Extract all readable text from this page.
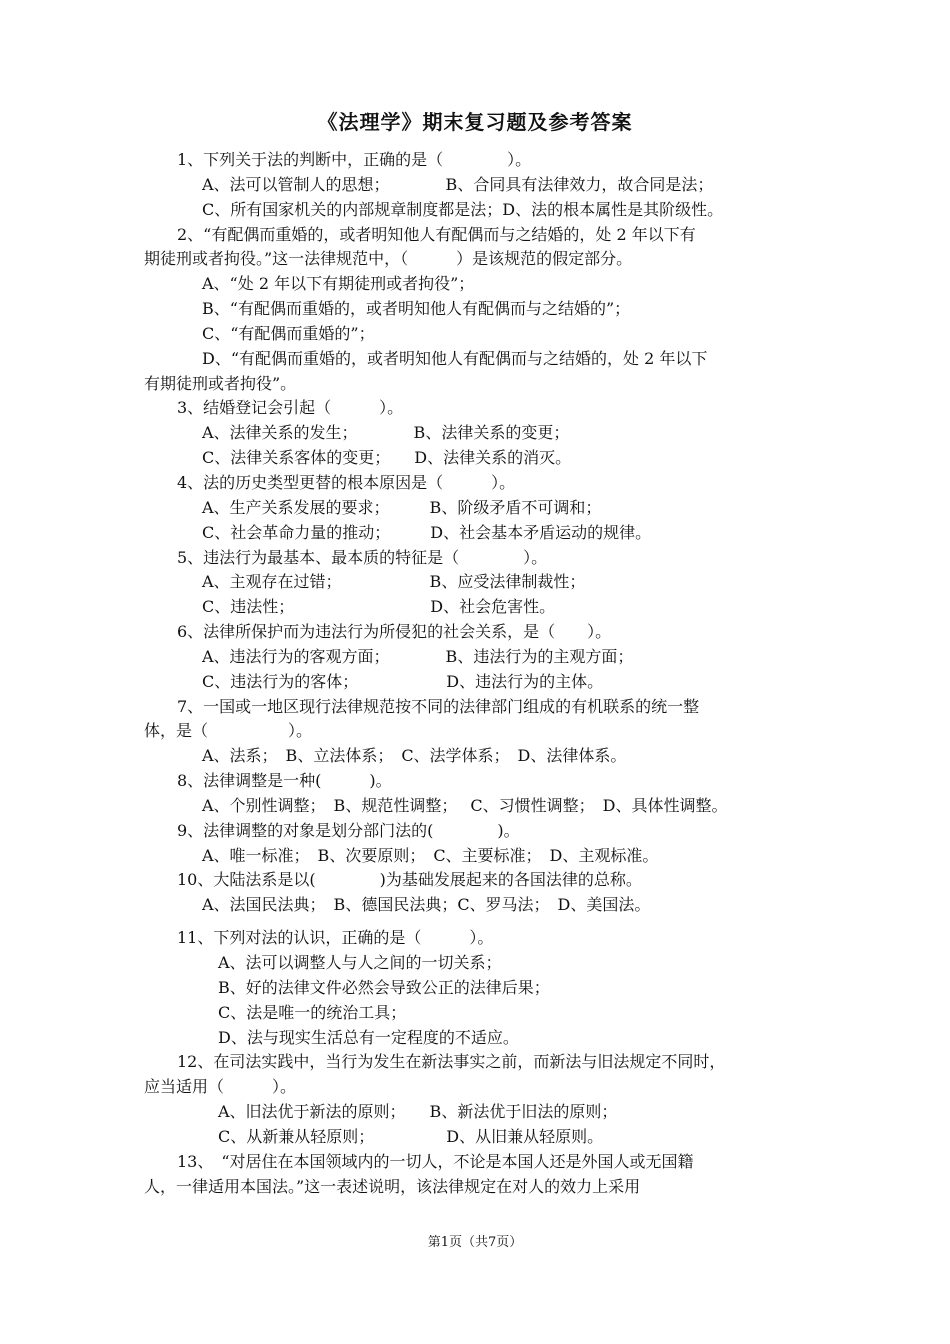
《法理学》期末复习题及参考答案
1、下列关于法的判断中，正确的是（　　　　）。
A、法可以管制人的思想；　　　　B、合同具有法律效力，故合同是法；
C、所有国家机关的内部规章制度都是法；D、法的根本属性是其阶级性。
2、“有配偶而重婚的，或者明知他人有配偶而与之结婚的，处 2 年以下有
期徒刑或者拘役。”这一法律规范中，（　　　）是该规范的假定部分。
A、“处 2 年以下有期徒刑或者拘役”；
B、“有配偶而重婚的，或者明知他人有配偶而与之结婚的”；
C、“有配偶而重婚的”；
D、“有配偶而重婚的，或者明知他人有配偶而与之结婚的，处 2 年以下
有期徒刑或者拘役”。
3、结婚登记会引起（　　　）。
A、法律关系的发生；　　　　B、法律关系的变更；
C、法律关系客体的变更；　　D、法律关系的消灭。
4、法的历史类型更替的根本原因是（　　　）。
A、生产关系发展的要求；　　　B、阶级矛盾不可调和；
C、社会革命力量的推动；　　　D、社会基本矛盾运动的规律。
5、违法行为最基本、最本质的特征是（　　　　）。
A、主观存在过错；　　　　　　B、应受法律制裁性；
C、违法性；　　　　　　　　　D、社会危害性。
6、法律所保护而为违法行为所侵犯的社会关系，是（　　）。
A、违法行为的客观方面；　　　　B、违法行为的主观方面；
C、违法行为的客体；　　　　　　D、违法行为的主体。
7、一国或一地区现行法律规范按不同的法律部门组成的有机联系的统一整
体，是（　　　　　）。
A、法系；　B、立法体系；　C、法学体系；　D、法律体系。
8、法律调整是一种(　　　)。
A、个别性调整；　B、规范性调整；　 C、习惯性调整；　D、具体性调整。
9、法律调整的对象是划分部门法的(　　　　)。
A、唯一标准；　B、次要原则；　C、主要标准；　D、主观标准。
10、大陆法系是以(　　　　)为基础发展起来的各国法律的总称。
A、法国民法典；　B、德国民法典；C、罗马法；　D、美国法。
11、下列对法的认识，正确的是（　　　）。
A、法可以调整人与人之间的一切关系；
B、好的法律文件必然会导致公正的法律后果；
C、法是唯一的统治工具；
D、法与现实生活总有一定程度的不适应。
12、在司法实践中，当行为发生在新法事实之前，而新法与旧法规定不同时，
应当适用（　　　）。
A、旧法优于新法的原则；　　B、新法优于旧法的原则；
C、从新兼从轻原则；　　　　　D、从旧兼从轻原则。
13、　“对居住在本国领域内的一切人，不论是本国人还是外国人或无国籍
人，一律适用本国法。”这一表述说明，该法律规定在对人的效力上采用
第1页（共7页）
